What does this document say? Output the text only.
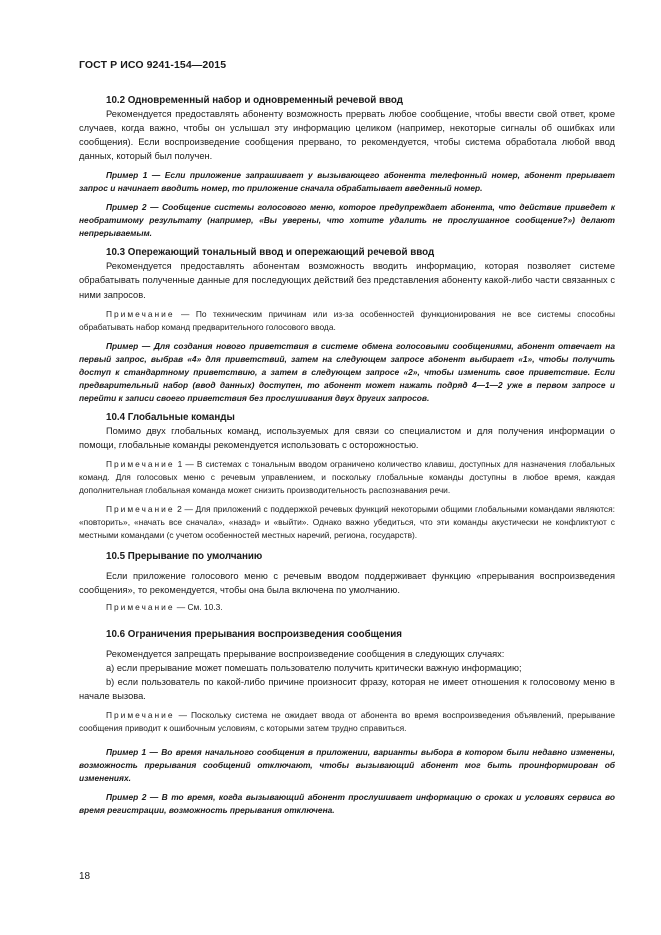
ГОСТ Р ИСО 9241-154—2015

10.2 Одновременный набор и одновременный речевой ввод

Рекомендуется предоставлять абоненту возможность прервать любое сообщение, чтобы ввести свой ответ, кроме случаев, когда важно, чтобы он услышал эту информацию целиком (например, некоторые сигналы об ошибках или сообщения). Если воспроизведение сообщения прервано, то рекомендуется, чтобы система обработала любой ввод данных, который был получен.

Пример 1 — Если приложение запрашивает у вызывающего абонента телефонный номер, абонент прерывает запрос и начинает вводить номер, то приложение сначала обрабатывает введенный номер.

Пример 2 — Сообщение системы голосового меню, которое предупреждает абонента, что действие приведет к необратимому результату (например, «Вы уверены, что хотите удалить не прослушанное сообщение?») делают непрерываемым.

10.3 Опережающий тональный ввод и опережающий речевой ввод

Рекомендуется предоставлять абонентам возможность вводить информацию, которая позволяет системе обрабатывать полученные данные для последующих действий без представления абоненту какой-либо части связанных с ними запросов.

Примечание — По техническим причинам или из-за особенностей функционирования не все системы способны обрабатывать набор команд предварительного голосового ввода.

Пример — Для создания нового приветствия в системе обмена голосовыми сообщениями, абонент отвечает на первый запрос, выбрав «4» для приветствий, затем на следующем запросе абонент выбирает «1», чтобы получить доступ к стандартному приветствию, а затем в следующем запросе «2», чтобы изменить свое приветствие. Если предварительный набор (ввод данных) доступен, то абонент может нажать подряд 4—1—2 уже в первом запросе и перейти к записи своего приветствия без прослушивания двух других запросов.

10.4 Глобальные команды

Помимо двух глобальных команд, используемых для связи со специалистом и для получения информации о помощи, глобальные команды рекомендуется использовать с осторожностью.

Примечание 1 — В системах с тональным вводом ограничено количество клавиш, доступных для назначения глобальных команд. Для голосовых меню с речевым управлением, и поскольку глобальные команды доступны в любое время, каждая дополнительная глобальная команда может снизить производительность распознавания речи.

Примечание 2 — Для приложений с поддержкой речевых функций некоторыми общими глобальными командами являются: «повторить», «начать все сначала», «назад» и «выйти». Однако важно убедиться, что эти команды акустически не конфликтуют с местными командами (с учетом особенностей местных наречий, региона, государств).

10.5 Прерывание по умолчанию

Если приложение голосового меню с речевым вводом поддерживает функцию «прерывания воспроизведения сообщения», то рекомендуется, чтобы она была включена по умолчанию.

Примечание — См. 10.3.

10.6 Ограничения прерывания воспроизведения сообщения

Рекомендуется запрещать прерывание воспроизведение сообщения в следующих случаях:

a) если прерывание может помешать пользователю получить критически важную информацию;

b) если пользователь по какой-либо причине произносит фразу, которая не имеет отношения к голосовому меню в начале вызова.

Примечание — Поскольку система не ожидает ввода от абонента во время воспроизведения объявлений, прерывание сообщения приводит к ошибочным условиям, с которыми затем трудно справиться.

Пример 1 — Во время начального сообщения в приложении, варианты выбора в котором были недавно изменены, возможность прерывания сообщений отключают, чтобы вызывающий абонент мог быть проинформирован об изменениях.

Пример 2 — В то время, когда вызывающий абонент прослушивает информацию о сроках и условиях сервиса во время регистрации, возможность прерывания отключена.

18
